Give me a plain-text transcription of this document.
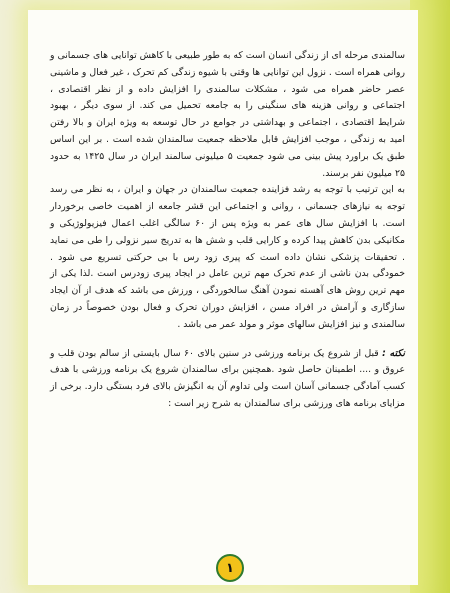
سالمندی مرحله ای از زندگی انسان است که به طور طبیعی با کاهش توانایی های جسمانی و روانی همراه است . نزول این توانایی ها وقتی با شیوه زندگی کم تحرک ، غیر فعال و ماشینی عصر حاضر همراه می شود ، مشکلات سالمندی را افزایش داده و از نظر اقتصادی ، اجتماعی و روانی هزینه های سنگینی را به جامعه تحمیل می کند. از سوی دیگر ، بهبود شرایط اقتصادی ، اجتماعی و بهداشتی در جوامع در حال توسعه به ویژه ایران و بالا رفتن امید به زندگی ، موجب افزایش قابل ملاحظه جمعیت سالمندان شده است . بر این اساس طبق یک براورد پیش بینی می شود جمعیت ۵ میلیونی سالمند ایران در سال ۱۴۲۵ به حدود ۲۵ میلیون نفر برسند.

به این ترتیب با توجه به رشد فزاینده جمعیت سالمندان در جهان و ایران ، به نظر می رسد توجه به نیازهای جسمانی ، روانی و اجتماعی این قشر جامعه از اهمیت خاصی برخوردار است. با افزایش سال های عمر به ویژه پس از ۶۰ سالگی اغلب اعمال فیزیولوژیکی و مکانیکی بدن کاهش پیدا کرده و کارایی قلب و شش ها به تدریج سیر نزولی را طی می نماید . تحقیقات پزشکی نشان داده است که پیری زود رس با بی حرکتی تسریع می شود . خمودگی بدن ناشی از عدم تحرک مهم ترین عامل در ایجاد پیری زودرس است .لذا یکی از مهم ترین روش های آهسته نمودن آهنگ سالخوردگی ، ورزش می باشد که هدف از آن ایجاد سازگاری و آرامش در افراد مسن ، افزایش دوران تحرک و فعال بودن خصوصاً در زمان سالمندی و نیز افزایش سالهای موثر و مولد عمر می باشد .

نکته : قبل از شروع یک برنامه ورزشی در سنین بالای ۶۰ سال بایستی از سالم بودن قلب و عروق و .... اطمینان حاصل شود .همچنین برای سالمندان شروع یک برنامه ورزشی با هدف کسب آمادگی جسمانی آسان است ولی تداوم آن به انگیزش بالای فرد بستگی دارد. برخی از مزایای برنامه های ورزشی برای سالمندان به شرح زیر است :

۱
